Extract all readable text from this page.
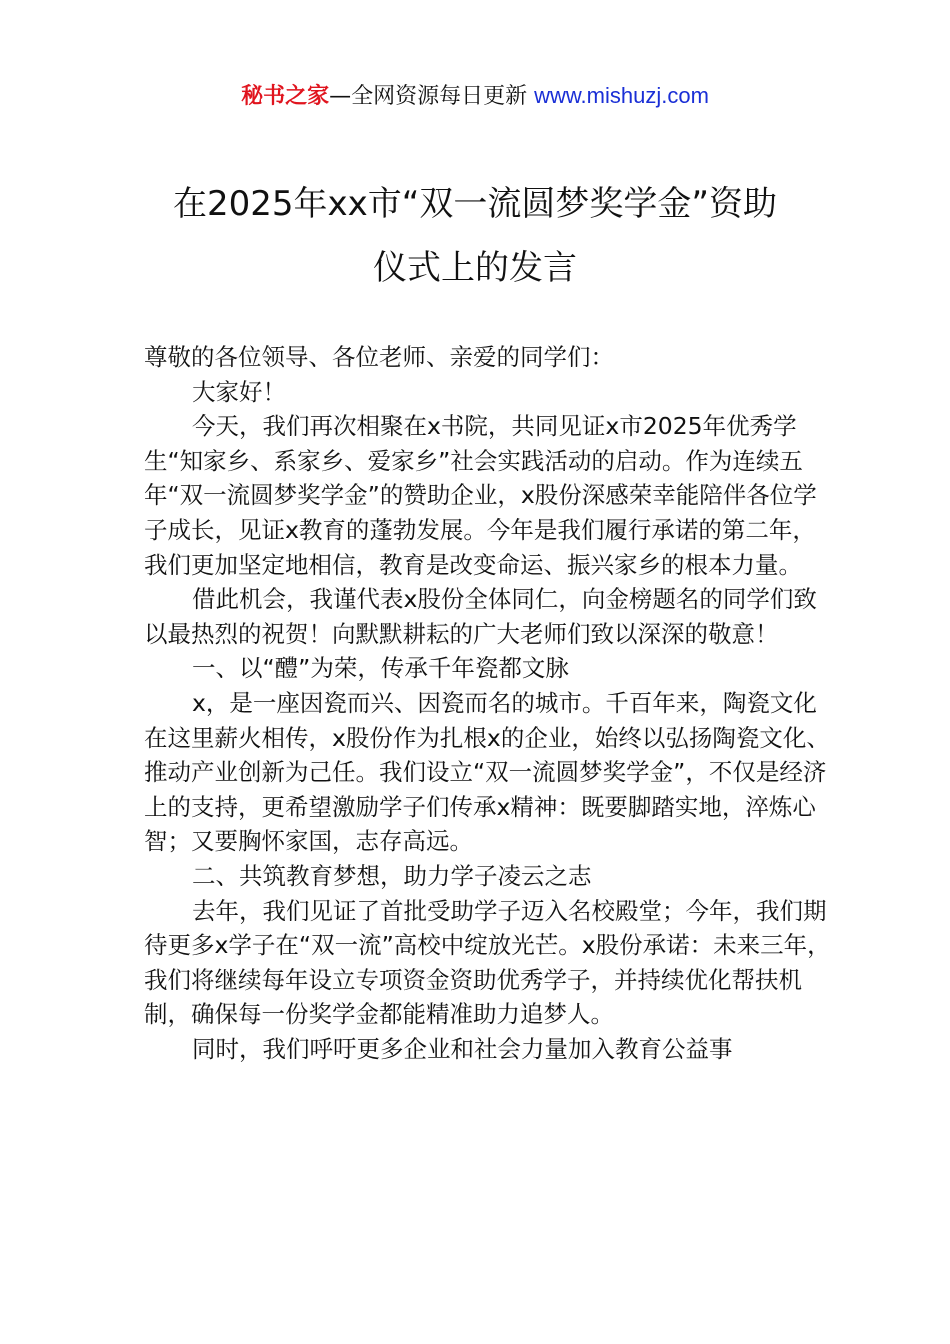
秘书之家—全网资源每日更新 www.mishuzj.com
在2025年xx市“双一流圆梦奖学金”资助
仪式上的发言

尊敬的各位领导、各位老师、亲爱的同学们：

大家好！

今天，我们再次相聚在x书院，共同见证x市2025年优秀学生“知家乡、系家乡、爱家乡”社会实践活动的启动。作为连续五年“双一流圆梦奖学金”的赞助企业，x股份深感荣幸能陪伴各位学子成长，见证x教育的蓬勃发展。今年是我们履行承诺的第二年，我们更加坚定地相信，教育是改变命运、振兴家乡的根本力量。

借此机会，我谨代表x股份全体同仁，向金榜题名的同学们致以最热烈的祝贺！向默默耕耘的广大老师们致以深深的敬意！

一、以“醴”为荣，传承千年瓷都文脉

x，是一座因瓷而兴、因瓷而名的城市。千百年来，陶瓷文化在这里薪火相传，x股份作为扎根x的企业，始终以弘扬陶瓷文化、推动产业创新为己任。我们设立“双一流圆梦奖学金”，不仅是经济上的支持，更希望激励学子们传承x精神：既要脚踏实地，淬炼心智；又要胸怀家国，志存高远。

二、共筑教育梦想，助力学子凌云之志

去年，我们见证了首批受助学子迈入名校殿堂；今年，我们期待更多x学子在“双一流”高校中绽放光芒。x股份承诺：未来三年，我们将继续每年设立专项资金资助优秀学子，并持续优化帮扶机制，确保每一份奖学金都能精准助力追梦人。

同时，我们呼吁更多企业和社会力量加入教育公益事
